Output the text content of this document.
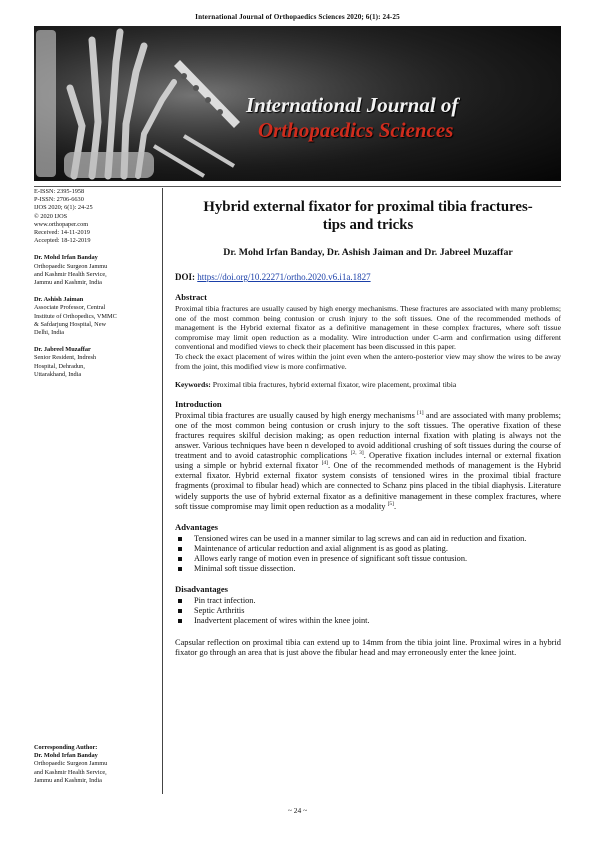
International Journal of Orthopaedics Sciences 2020; 6(1): 24-25
International Journal of
Orthopaedics Sciences
E-ISSN: 2395-1958
P-ISSN: 2706-6630
IJOS 2020; 6(1): 24-25
© 2020 IJOS
www.orthopaper.com
Received: 14-11-2019
Accepted: 18-12-2019
Dr. Mohd Irfan Banday
Orthopaedic Surgeon Jammu
and Kashmir Health Service,
Jammu and Kashmir, India
Dr. Ashish Jaiman
Associate Professor, Central
Institute of Orthopedics, VMMC
& Safdarjung Hospital, New
Delhi, India
Dr. Jabreel Muzaffar
Senior Resident, Indresh
Hospital, Dehradun,
Uttarakhand, India
Corresponding Author:
Dr. Mohd Irfan Banday
Orthopaedic Surgeon Jammu
and Kashmir Health Service,
Jammu and Kashmir, India
Hybrid external fixator for proximal tibia fractures-
tips and tricks
Dr. Mohd Irfan Banday, Dr. Ashish Jaiman and Dr. Jabreel Muzaffar
DOI: https://doi.org/10.22271/ortho.2020.v6.i1a.1827
Abstract

Proximal tibia fractures are usually caused by high energy mechanisms. These fractures are associated with many problems; one of the most common being contusion or crush injury to the soft tissues. One of the recommended methods of management is the Hybrid external fixator as a definitive management in these complex fractures, where soft tissue compromise may limit open reduction as a modality. Wire introduction under C-arm and confirmation using different conventional and modified views to check their placement has been discussed in this paper.

To check the exact placement of wires within the joint even when the antero-posterior view may show the wires to be away from the joint, this modified view is more confirmative.

Keywords: Proximal tibia fractures, hybrid external fixator, wire placement, proximal tibia
Introduction

Proximal tibia fractures are usually caused by high energy mechanisms [1] and are associated with many problems; one of the most common being contusion or crush injury to the soft tissues. The operative fixation of these fractures requires skilful decision making; as open reduction internal fixation with plating is always not the answer. Various techniques have been n developed to avoid additional crushing of soft tissues during the course of treatment and to avoid catastrophic complications [2, 3]. Operative fixation includes internal or external fixation using a simple or hybrid external fixator [4]. One of the recommended methods of management is the Hybrid external fixator. Hybrid external fixator system consists of tensioned wires in the proximal tibial fracture fragments (proximal to fibular head) which are connected to Schanz pins placed in the tibial diaphysis. Literature widely supports the use of hybrid external fixator as a definitive management in these complex fractures, where soft tissue compromise may limit open reduction as a modality [5].

Advantages
Tensioned wires can be used in a manner similar to lag screws and can aid in reduction and fixation.
Maintenance of articular reduction and axial alignment is as good as plating.
Allows early range of motion even in presence of significant soft tissue contusion.
Minimal soft tissue dissection.
Disadvantages
Pin tract infection.
Septic Arthritis
Inadvertent placement of wires within the knee joint.

Capsular reflection on proximal tibia can extend up to 14mm from the tibia joint line. Proximal wires in a hybrid fixator go through an area that is just above the fibular head and may erroneously enter the knee joint.

~ 24 ~
